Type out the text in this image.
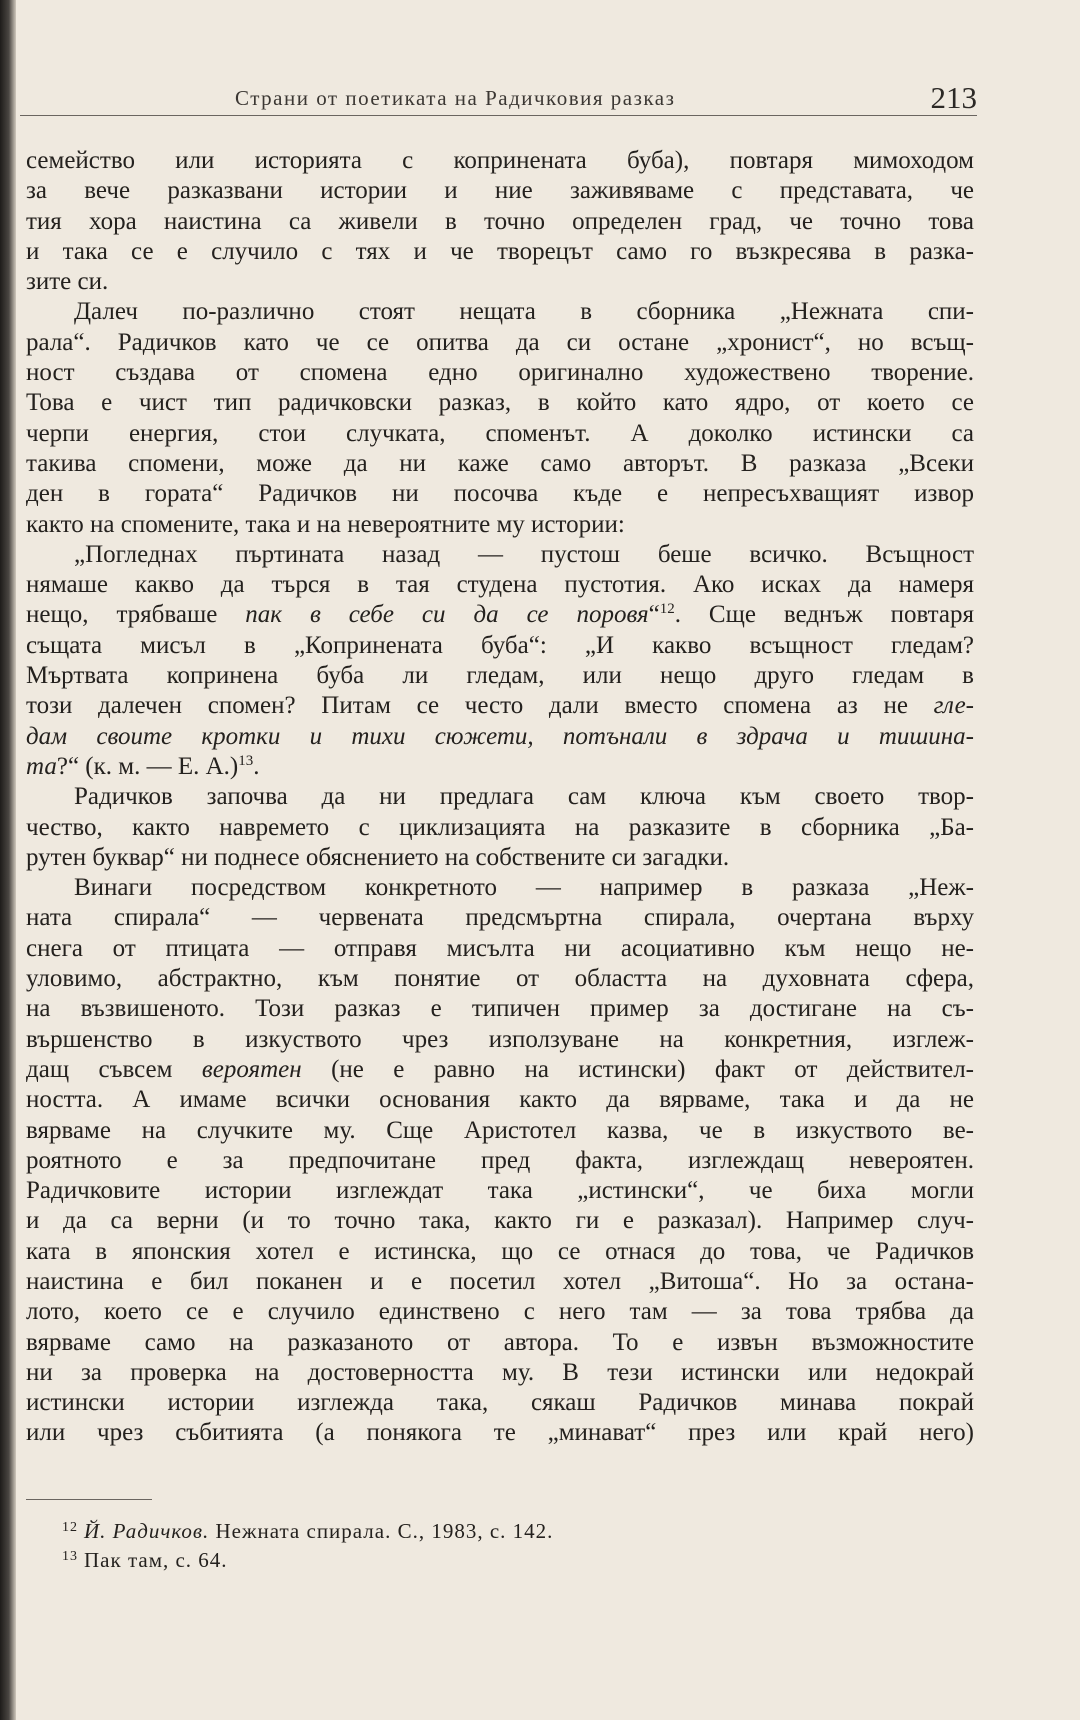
Страни от поетиката на Радичковия разказ	213
семейство или историята с копринената буба), повтаря мимоходом
за вече разказвани истории и ние заживяваме с представата, че
тия хора наистина са живели в точно определен град, че точно това
и така се е случило с тях и че творецът само го възкресява в разка-
зите си.
Далеч по-различно стоят нещата в сборника „Нежната спи-
рала“. Радичков като че се опитва да си остане „хронист“, но всъщ-
ност създава от спомена едно оригинално художествено творение.
Това е чист тип радичковски разказ, в който като ядро, от което се
черпи енергия, стои случката, споменът. А доколко истински са
такива спомени, може да ни каже само авторът. В разказа „Всеки
ден в гората“ Радичков ни посочва къде е непресъхващият извор
както на спомените, така и на невероятните му истории:
„Погледнах пъртината назад — пустош беше всичко. Всъщност
нямаше какво да търся в тая студена пустотия. Ако исках да намеря
нещо, трябваше пак в себе си да се поровя“$^{12}$. Сще веднъж повтаря
същата мисъл в „Копринената буба“: „И какво всъщност гледам?
Мъртвата копринена буба ли гледам, или нещо друго гледам в
този далечен спомен? Питам се често дали вместо спомена аз не гле-
дам своите кротки и тихи сюжети, потънали в здрача и тишина-
та?“ (к. м. — Е. А.)$^{13}$.
Радичков започва да ни предлага сам ключа към своето твор-
чество, както навремето с циклизацията на разказите в сборника „Ба-
рутен буквар“ ни поднесе обяснението на собствените си загадки.
Винаги посредством конкретното — например в разказа „Неж-
ната спирала“ — червената предсмъртна спирала, очертана върху
снега от птицата — отправя мисълта ни асоциативно към нещо не-
уловимо, абстрактно, към понятие от областта на духовната сфера,
на възвишеното. Този разказ е типичен пример за достигане на съ-
вършенство в изкуството чрез използуване на конкретния, изглеж-
дащ съвсем вероятен (не е равно на истински) факт от действител-
ността. А имаме всички основания както да вярваме, така и да не
вярваме на случките му. Сще Аристотел казва, че в изкуството ве-
роятното е за предпочитане пред факта, изглеждащ невероятен.
Радичковите истории изглеждат така „истински“, че биха могли
и да са верни (и то точно така, както ги е разказал). Например случ-
ката в японския хотел е истинска, що се отнася до това, че Радичков
наистина е бил поканен и е посетил хотел „Витоша“. Но за остана-
лото, което се е случило единствено с него там — за това трябва да
вярваме само на разказаното от автора. То е извън възможностите
ни за проверка на достоверността му. В тези истински или недокрай
истински истории изглежда така, сякаш Радичков минава покрай
или чрез събитията (а понякога те „минават“ през или край него)
$^{12}$ Й. Радичков. Нежната спирала. С., 1983, с. 142.
$^{13}$ Пак там, с. 64.
